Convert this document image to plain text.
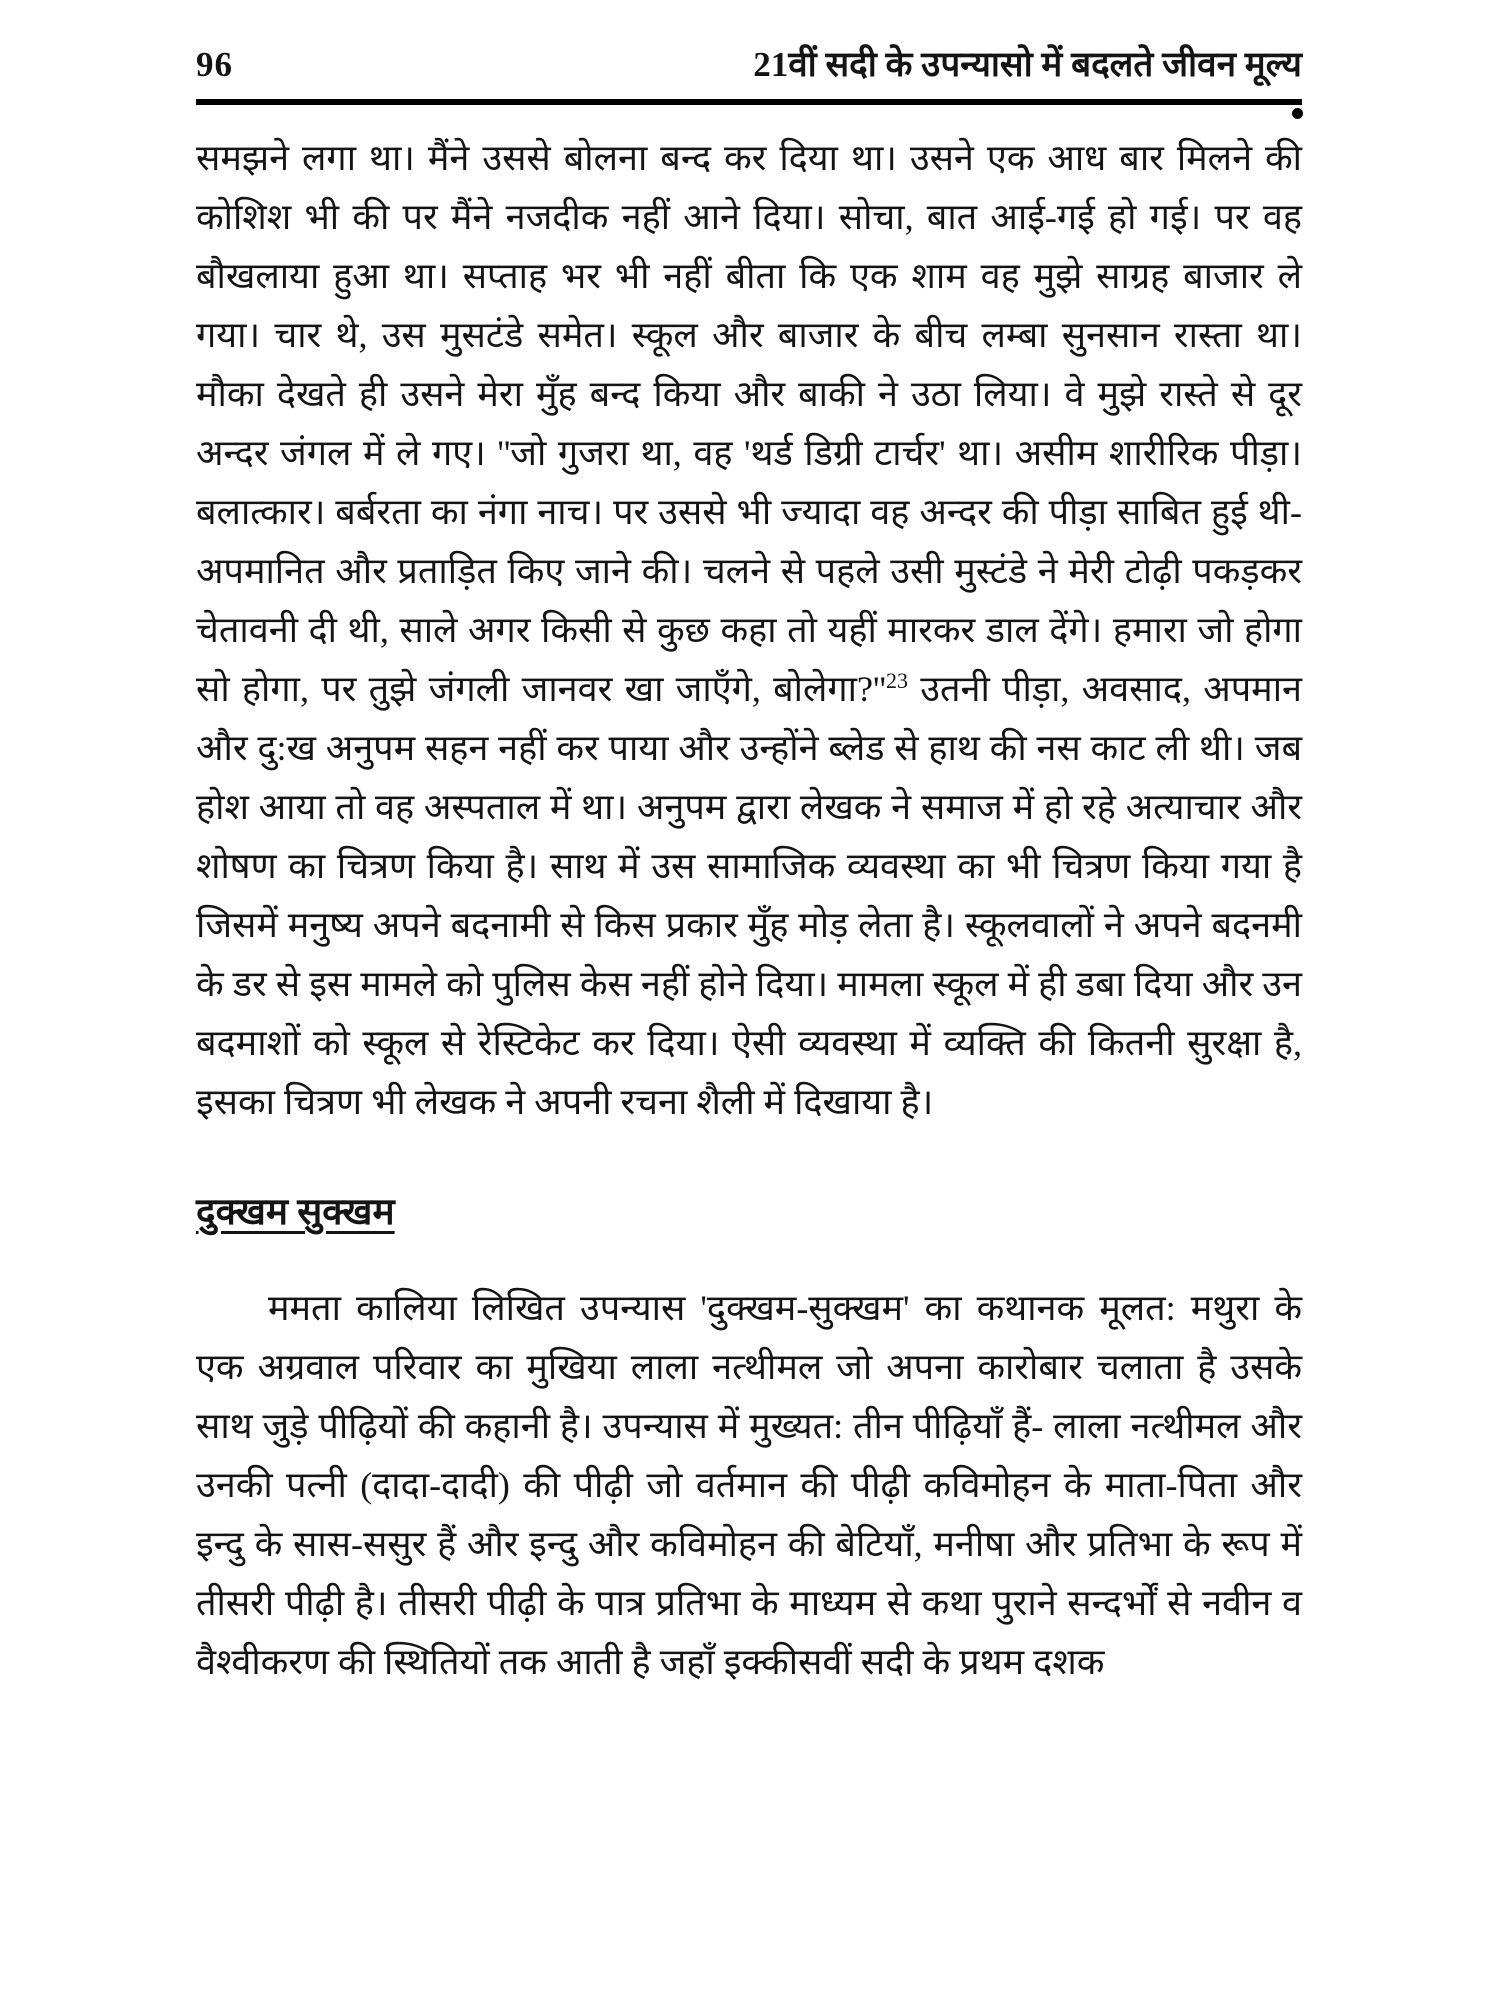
96	21वीं सदी के उपन्यासो में बदलते जीवन मूल्य

समझने लगा था। मैंने उससे बोलना बन्द कर दिया था। उसने एक आध बार मिलने की कोशिश भी की पर मैंने नजदीक नहीं आने दिया। सोचा, बात आई-गई हो गई। पर वह बौखलाया हुआ था। सप्ताह भर भी नहीं बीता कि एक शाम वह मुझे साग्रह बाजार ले गया। चार थे, उस मुसटंडे समेत। स्कूल और बाजार के बीच लम्बा सुनसान रास्ता था। मौका देखते ही उसने मेरा मुँह बन्द किया और बाकी ने उठा लिया। वे मुझे रास्ते से दूर अन्दर जंगल में ले गए। ''जो गुजरा था, वह 'थर्ड डिग्री टार्चर' था। असीम शारीरिक पीड़ा। बलात्कार। बर्बरता का नंगा नाच। पर उससे भी ज्यादा वह अन्दर की पीड़ा साबित हुई थी- अपमानित और प्रताड़ित किए जाने की। चलने से पहले उसी मुस्टंडे ने मेरी टोढ़ी पकड़कर चेतावनी दी थी, साले अगर किसी से कुछ कहा तो यहीं मारकर डाल देंगे। हमारा जो होगा सो होगा, पर तुझे जंगली जानवर खा जाएँगे, बोलेगा?''$^{23}$ उतनी पीड़ा, अवसाद, अपमान और दु:ख अनुपम सहन नहीं कर पाया और उन्होंने ब्लेड से हाथ की नस काट ली थी। जब होश आया तो वह अस्पताल में था। अनुपम द्वारा लेखक ने समाज में हो रहे अत्याचार और शोषण का चित्रण किया है। साथ में उस सामाजिक व्यवस्था का भी चित्रण किया गया है जिसमें मनुष्य अपने बदनामी से किस प्रकार मुँह मोड़ लेता है। स्कूलवालों ने अपने बदनमी के डर से इस मामले को पुलिस केस नहीं होने दिया। मामला स्कूल में ही डबा दिया और उन बदमाशों को स्कूल से रेस्टिकेट कर दिया। ऐसी व्यवस्था में व्यक्ति की कितनी सुरक्षा है, इसका चित्रण भी लेखक ने अपनी रचना शैली में दिखाया है।

दुक्खम सुक्खम

ममता कालिया लिखित उपन्यास 'दुक्खम-सुक्खम' का कथानक मूलत: मथुरा के एक अग्रवाल परिवार का मुखिया लाला नत्थीमल जो अपना कारोबार चलाता है उसके साथ जुड़े पीढ़ियों की कहानी है। उपन्यास में मुख्यत: तीन पीढ़ियाँ हैं- लाला नत्थीमल और उनकी पत्नी (दादा-दादी) की पीढ़ी जो वर्तमान की पीढ़ी कविमोहन के माता-पिता और इन्दु के सास-ससुर हैं और इन्दु और कविमोहन की बेटियाँ, मनीषा और प्रतिभा के रूप में तीसरी पीढ़ी है। तीसरी पीढ़ी के पात्र प्रतिभा के माध्यम से कथा पुराने सन्दर्भों से नवीन व वैश्वीकरण की स्थितियों तक आती है जहाँ इक्कीसवीं सदी के प्रथम दशक
